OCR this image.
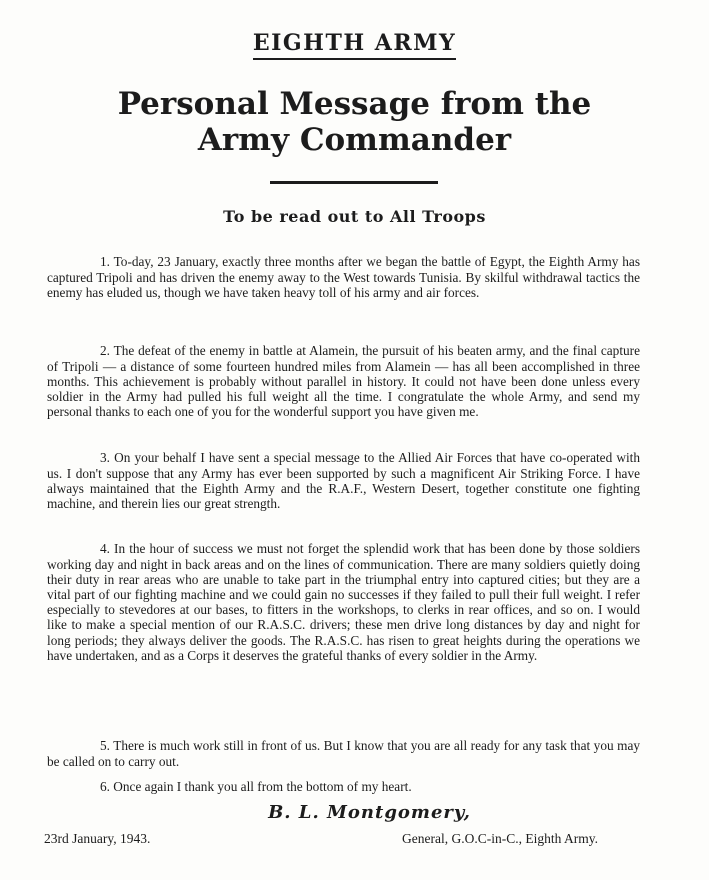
EIGHTH ARMY
Personal Message from the
Army Commander
To be read out to All Troops

1. To-day, 23 January, exactly three months after we began the battle of Egypt, the Eighth Army has captured Tripoli and has driven the enemy away to the West towards Tunisia. By skilful withdrawal tactics the enemy has eluded us, though we have taken heavy toll of his army and air forces.

2. The defeat of the enemy in battle at Alamein, the pursuit of his beaten army, and the final capture of Tripoli — a distance of some fourteen hundred miles from Alamein — has all been accomplished in three months. This achievement is probably without parallel in history. It could not have been done unless every soldier in the Army had pulled his full weight all the time. I congratulate the whole Army, and send my personal thanks to each one of you for the wonderful support you have given me.

3. On your behalf I have sent a special message to the Allied Air Forces that have co-operated with us. I don't suppose that any Army has ever been supported by such a magnificent Air Striking Force. I have always maintained that the Eighth Army and the R.A.F., Western Desert, together constitute one fighting machine, and therein lies our great strength.

4. In the hour of success we must not forget the splendid work that has been done by those soldiers working day and night in back areas and on the lines of communication. There are many soldiers quietly doing their duty in rear areas who are unable to take part in the triumphal entry into captured cities; but they are a vital part of our fighting machine and we could gain no successes if they failed to pull their full weight. I refer especially to stevedores at our bases, to fitters in the workshops, to clerks in rear offices, and so on. I would like to make a special mention of our R.A.S.C. drivers; these men drive long distances by day and night for long periods; they always deliver the goods. The R.A.S.C. has risen to great heights during the operations we have undertaken, and as a Corps it deserves the grateful thanks of every soldier in the Army.

5. There is much work still in front of us. But I know that you are all ready for any task that you may be called on to carry out.

6. Once again I thank you all from the bottom of my heart.

B. L. Montgomery,
23rd January, 1943.	General, G.O.C-in-C., Eighth Army.
